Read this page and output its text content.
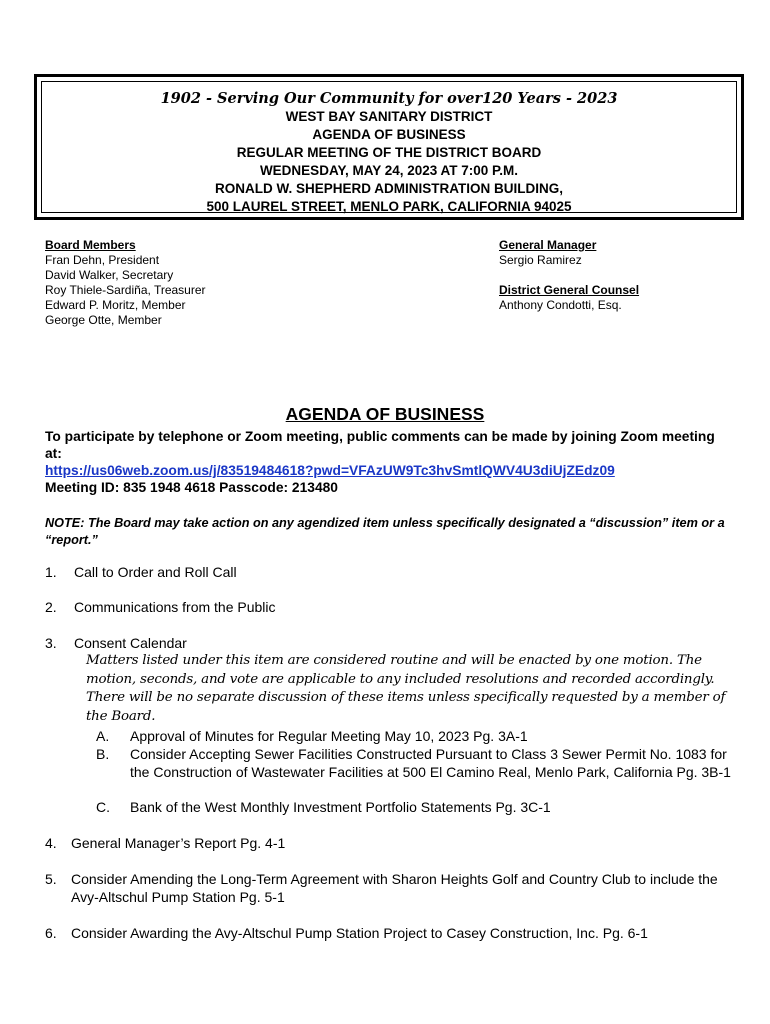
1902 - Serving Our Community for over120 Years - 2023
WEST BAY SANITARY DISTRICT
AGENDA OF BUSINESS
REGULAR MEETING OF THE DISTRICT BOARD
WEDNESDAY, MAY 24, 2023 AT 7:00 P.M.
RONALD W. SHEPHERD ADMINISTRATION BUILDING,
500 LAUREL STREET, MENLO PARK, CALIFORNIA 94025
Board Members
Fran Dehn, President
David Walker, Secretary
Roy Thiele-Sardiña, Treasurer
Edward P. Moritz, Member
George Otte, Member
General Manager
Sergio Ramirez
District General Counsel
Anthony Condotti, Esq.
AGENDA OF BUSINESS
To participate by telephone or Zoom meeting, public comments can be made by joining Zoom meeting at:
https://us06web.zoom.us/j/83519484618?pwd=VFAzUW9Tc3hvSmtlQWV4U3diUjZEdz09
Meeting ID: 835 1948 4618 Passcode: 213480
NOTE: The Board may take action on any agendized item unless specifically designated a “discussion” item or a “report.”
1. Call to Order and Roll Call
2. Communications from the Public
3. Consent Calendar
Matters listed under this item are considered routine and will be enacted by one motion. The motion, seconds, and vote are applicable to any included resolutions and recorded accordingly. There will be no separate discussion of these items unless specifically requested by a member of the Board.
A. Approval of Minutes for Regular Meeting May 10, 2023 Pg. 3A-1
B. Consider Accepting Sewer Facilities Constructed Pursuant to Class 3 Sewer Permit No. 1083 for the Construction of Wastewater Facilities at 500 El Camino Real, Menlo Park, California Pg. 3B-1
C. Bank of the West Monthly Investment Portfolio Statements Pg. 3C-1
4. General Manager’s Report Pg. 4-1
5. Consider Amending the Long-Term Agreement with Sharon Heights Golf and Country Club to include the Avy-Altschul Pump Station Pg. 5-1
6. Consider Awarding the Avy-Altschul Pump Station Project to Casey Construction, Inc. Pg. 6-1
